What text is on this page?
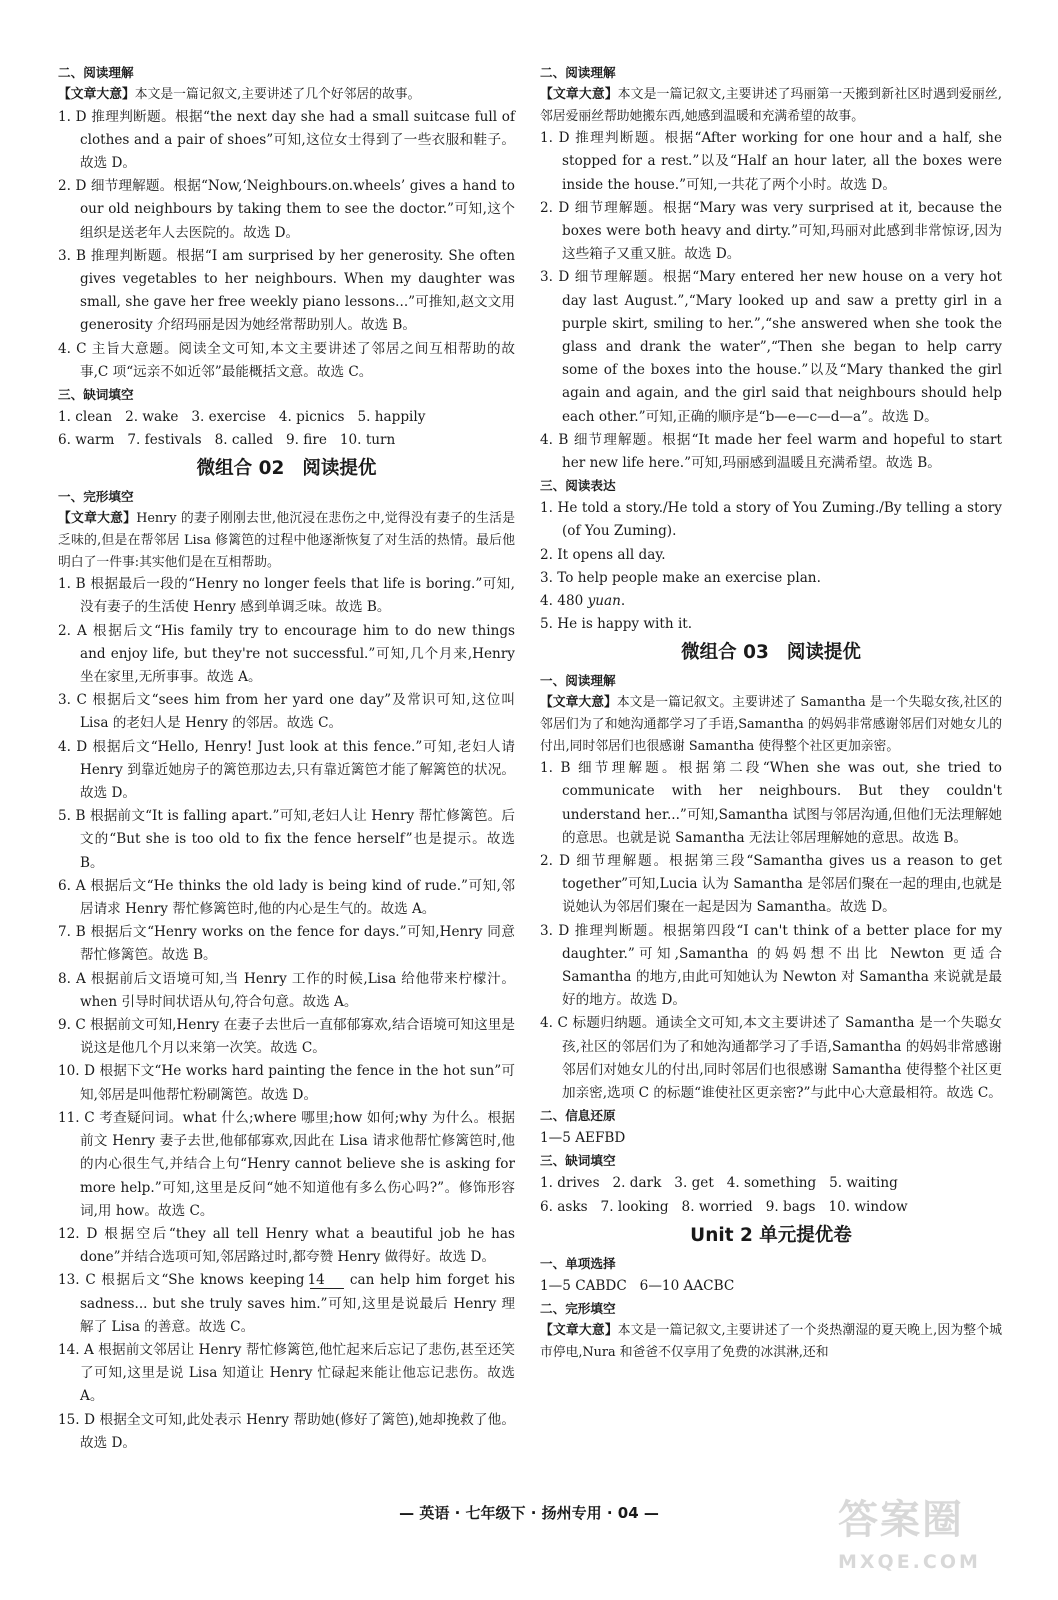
二、阅读理解

【文章大意】本文是一篇记叙文,主要讲述了几个好邻居的故事。

1. D 推理判断题。根据“the next day she had a small suitcase full of clothes and a pair of shoes”可知,这位女士得到了一些衣服和鞋子。故选 D。

2. D 细节理解题。根据“Now,‘Neighbours.on.wheels’ gives a hand to our old neighbours by taking them to see the doctor.”可知,这个组织是送老年人去医院的。故选 D。

3. B 推理判断题。根据“I am surprised by her generosity. She often gives vegetables to her neighbours. When my daughter was small, she gave her free weekly piano lessons...”可推知,赵文文用 generosity 介绍玛丽是因为她经常帮助别人。故选 B。

4. C 主旨大意题。阅读全文可知,本文主要讲述了邻居之间互相帮助的故事,C 项“远亲不如近邻”最能概括文意。故选 C。

三、缺词填空

1. clean   2. wake   3. exercise   4. picnics   5. happily

6. warm   7. festivals   8. called   9. fire   10. turn

微组合 02 阅读提优

一、完形填空

【文章大意】Henry 的妻子刚刚去世,他沉浸在悲伤之中,觉得没有妻子的生活是乏味的,但是在帮邻居 Lisa 修篱笆的过程中他逐渐恢复了对生活的热情。最后他明白了一件事:其实他们是在互相帮助。

1. B 根据最后一段的“Henry no longer feels that life is boring.”可知,没有妻子的生活使 Henry 感到单调乏味。故选 B。

2. A 根据后文“His family try to encourage him to do new things and enjoy life, but they're not successful.”可知,几个月来,Henry 坐在家里,无所事事。故选 A。

3. C 根据后文“sees him from her yard one day”及常识可知,这位叫 Lisa 的老妇人是 Henry 的邻居。故选 C。

4. D 根据后文“Hello, Henry! Just look at this fence.”可知,老妇人请 Henry 到靠近她房子的篱笆那边去,只有靠近篱笆才能了解篱笆的状况。故选 D。

5. B 根据前文“It is falling apart.”可知,老妇人让 Henry 帮忙修篱笆。后文的“But she is too old to fix the fence herself”也是提示。故选 B。

6. A 根据后文“He thinks the old lady is being kind of rude.”可知,邻居请求 Henry 帮忙修篱笆时,他的内心是生气的。故选 A。

7. B 根据后文“Henry works on the fence for days.”可知,Henry 同意帮忙修篱笆。故选 B。

8. A 根据前后文语境可知,当 Henry 工作的时候,Lisa 给他带来柠檬汁。when 引导时间状语从句,符合句意。故选 A。

9. C 根据前文可知,Henry 在妻子去世后一直郁郁寡欢,结合语境可知这里是说这是他几个月以来第一次笑。故选 C。

10. D 根据下文“He works hard painting the fence in the hot sun”可知,邻居是叫他帮忙粉刷篱笆。故选 D。

11. C 考查疑问词。what 什么;where 哪里;how 如何;why 为什么。根据前文 Henry 妻子去世,他郁郁寡欢,因此在 Lisa 请求他帮忙修篱笆时,他的内心很生气,并结合上句“Henry cannot believe she is asking for more help.”可知,这里是反问“她不知道他有多么伤心吗?”。修饰形容词,用 how。故选 C。

12. D 根据空后“they all tell Henry what a beautiful job he has done”并结合选项可知,邻居路过时,都夸赞 Henry 做得好。故选 D。

13. C 根据后文“She knows keeping 14 can help him forget his sadness... but she truly saves him.”可知,这里是说最后 Henry 理解了 Lisa 的善意。故选 C。

14. A 根据前文邻居让 Henry 帮忙修篱笆,他忙起来后忘记了悲伤,甚至还笑了可知,这里是说 Lisa 知道让 Henry 忙碌起来能让他忘记悲伤。故选 A。

15. D 根据全文可知,此处表示 Henry 帮助她(修好了篱笆),她却挽救了他。故选 D。

二、阅读理解

【文章大意】本文是一篇记叙文,主要讲述了玛丽第一天搬到新社区时遇到爱丽丝,邻居爱丽丝帮助她搬东西,她感到温暖和充满希望的故事。

1. D 推理判断题。根据“After working for one hour and a half, she stopped for a rest.”以及“Half an hour later, all the boxes were inside the house.”可知,一共花了两个小时。故选 D。

2. D 细节理解题。根据“Mary was very surprised at it, because the boxes were both heavy and dirty.”可知,玛丽对此感到非常惊讶,因为这些箱子又重又脏。故选 D。

3. D 细节理解题。根据“Mary entered her new house on a very hot day last August.”,“Mary looked up and saw a pretty girl in a purple skirt, smiling to her.”,“she answered when she took the glass and drank the water”,“Then she began to help carry some of the boxes into the house.”以及“Mary thanked the girl again and again, and the girl said that neighbours should help each other.”可知,正确的顺序是“b—e—c—d—a”。故选 D。

4. B 细节理解题。根据“It made her feel warm and hopeful to start her new life here.”可知,玛丽感到温暖且充满希望。故选 B。

三、阅读表达

1. He told a story./He told a story of You Zuming./By telling a story (of You Zuming).

2. It opens all day.

3. To help people make an exercise plan.

4. 480 yuan.

5. He is happy with it.

微组合 03 阅读提优

一、阅读理解

【文章大意】本文是一篇记叙文。主要讲述了 Samantha 是一个失聪女孩,社区的邻居们为了和她沟通都学习了手语,Samantha 的妈妈非常感谢邻居们对她女儿的付出,同时邻居们也很感谢 Samantha 使得整个社区更加亲密。

1. B 细节理解题。根据第二段“When she was out, she tried to communicate with her neighbours. But they couldn't understand her...”可知,Samantha 试图与邻居沟通,但他们无法理解她的意思。也就是说 Samantha 无法让邻居理解她的意思。故选 B。

2. D 细节理解题。根据第三段“Samantha gives us a reason to get together”可知,Lucia 认为 Samantha 是邻居们聚在一起的理由,也就是说她认为邻居们聚在一起是因为 Samantha。故选 D。

3. D 推理判断题。根据第四段“I can't think of a better place for my daughter.”可知,Samantha 的妈妈想不出比 Newton 更适合 Samantha 的地方,由此可知她认为 Newton 对 Samantha 来说就是最好的地方。故选 D。

4. C 标题归纳题。通读全文可知,本文主要讲述了 Samantha 是一个失聪女孩,社区的邻居们为了和她沟通都学习了手语,Samantha 的妈妈非常感谢邻居们对她女儿的付出,同时邻居们也很感谢 Samantha 使得整个社区更加亲密,选项 C 的标题“谁使社区更亲密?”与此中心大意最相符。故选 C。

二、信息还原

1—5 AEFBD

三、缺词填空

1. drives   2. dark   3. get   4. something   5. waiting

6. asks   7. looking   8. worried   9. bags   10. window

Unit 2 单元提优卷

一、单项选择

1—5 CABDC   6—10 AACBC

二、完形填空

【文章大意】本文是一篇记叙文,主要讲述了一个炎热潮湿的夏天晚上,因为整个城市停电,Nura 和爸爸不仅享用了免费的冰淇淋,还和

— 英语 · 七年级下 · 扬州专用 · 04 —	答案圈
MXQE.COM
